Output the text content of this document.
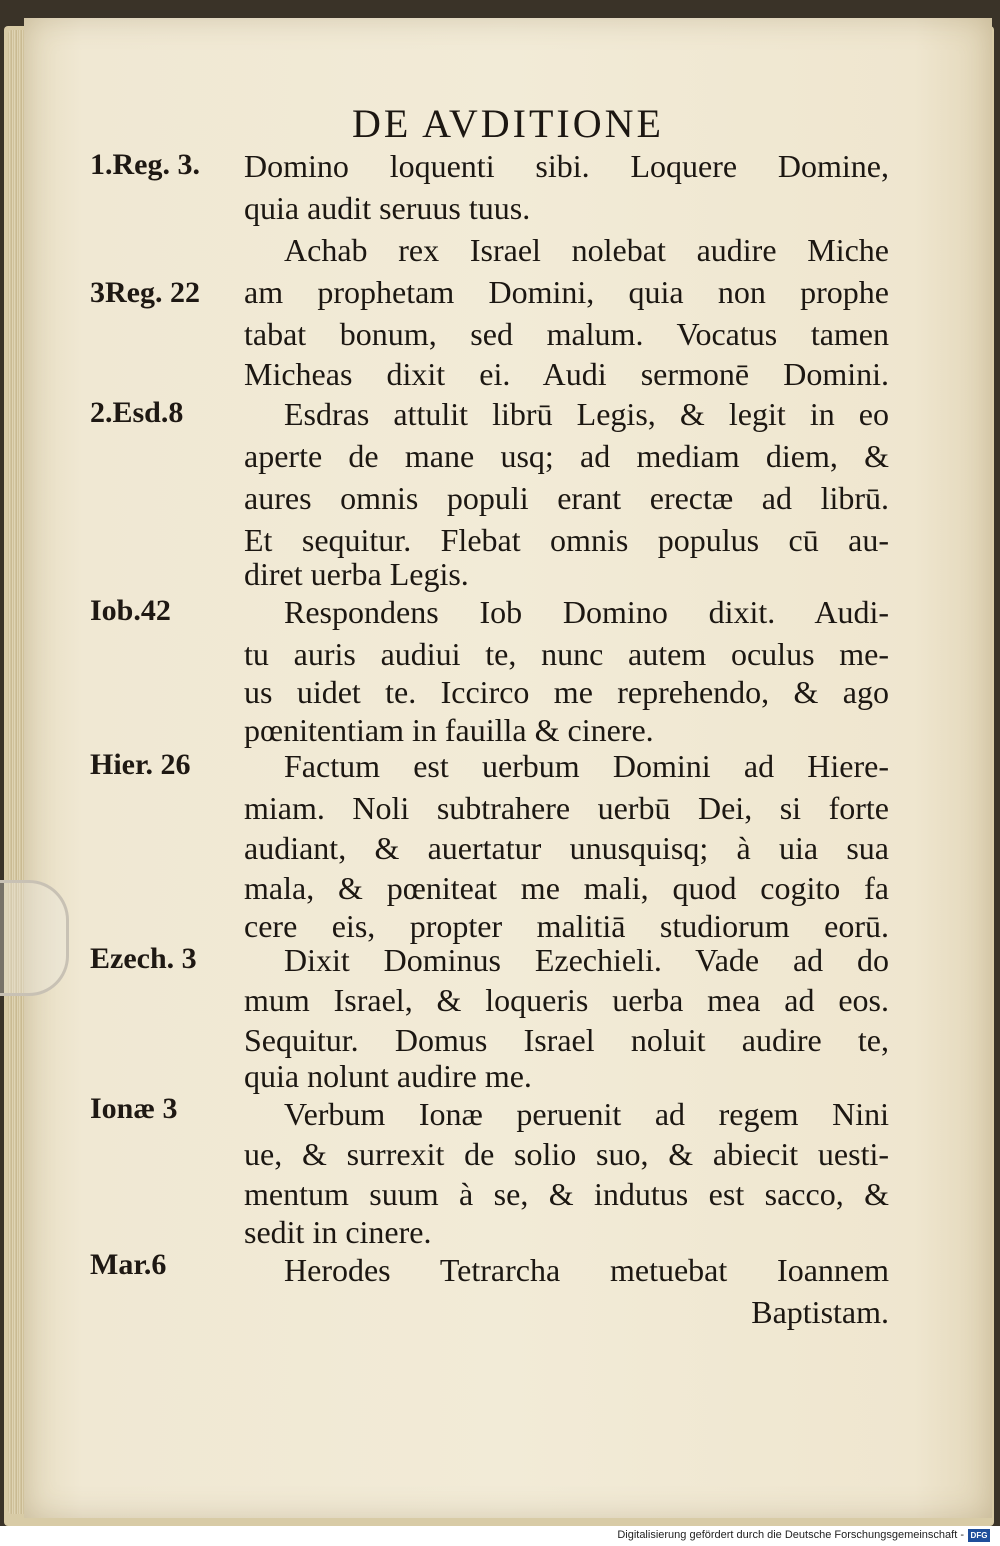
DE AVDITIONE
1.Reg. 3.
3Reg. 22
2.Esd.8
Iob.42
Hier. 26
Ezech. 3
Ionæ 3
Mar.6
Domino loquenti sibi. Loquere Domine,
quia audit seruus tuus.
Achab rex Israel nolebat audire Miche
am prophetam Domini, quia non prophe
tabat bonum, sed malum. Vocatus tamen
Micheas dixit ei. Audi sermonē Domini.
Esdras attulit librū Legis, & legit in eo
aperte de mane usq; ad mediam diem, &
aures omnis populi erant erectæ ad librū.
Et sequitur. Flebat omnis populus cū au-
diret uerba Legis.
Respondens Iob Domino dixit. Audi-
tu auris audiui te, nunc autem oculus me-
us uidet te. Iccirco me reprehendo, & ago
pœnitentiam in fauilla & cinere.
Factum est uerbum Domini ad Hiere-
miam. Noli subtrahere uerbū Dei, si forte
audiant, & auertatur unusquisq; à uia sua
mala, & pœniteat me mali, quod cogito fa
cere eis, propter malitiā studiorum eorū.
Dixit Dominus Ezechieli. Vade ad do
mum Israel, & loqueris uerba mea ad eos.
Sequitur. Domus Israel noluit audire te,
quia nolunt audire me.
Verbum Ionæ peruenit ad regem Nini
ue, & surrexit de solio suo, & abiecit uesti-
mentum suum à se, & indutus est sacco, &
sedit in cinere.
Herodes Tetrarcha metuebat Ioannem
Baptistam.
Digitalisierung gefördert durch die Deutsche Forschungsgemeinschaft - DFG
